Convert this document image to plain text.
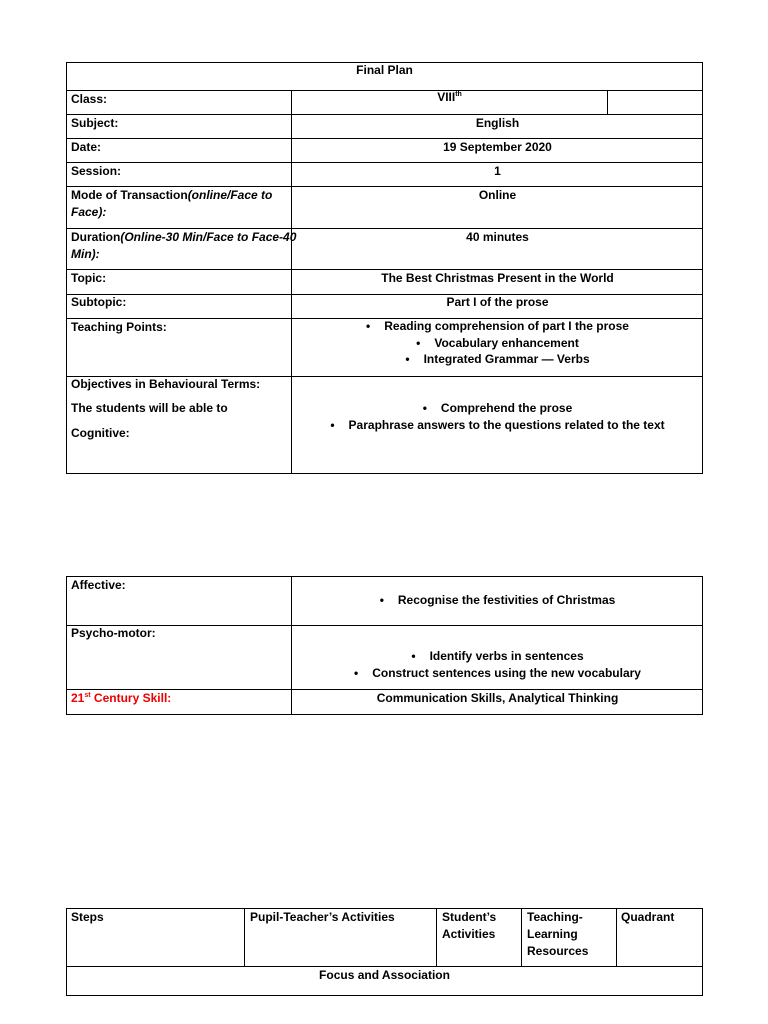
Final Plan
Class:	VIIIth
Subject:	English
Date:	19 September 2020
Session:	1
Mode of Transaction(online/Face to
Face):
Online
Duration(Online-30 Min/Face to Face-40
Min):
40 minutes
Topic:	The Best Christmas Present in the World
Subtopic:	Part I of the prose
Teaching Points:
•	Reading comprehension of part I the prose
• Vocabulary enhancement
• Integrated Grammar — Verbs
Objectives in Behavioural Terms:
The students will be able to
Cognitive:
• Comprehend the prose
• Paraphrase answers to the questions related to the text
Affective:
• Recognise the festivities of Christmas
Psycho-motor:
• Identify verbs in sentences
• Construct sentences using the new vocabulary
21st Century Skill:	Communication Skills, Analytical Thinking
Steps	Pupil-Teacher’s Activities	Student’s Activities
Teaching-Learning Resources
Quadrant
Focus and Association
